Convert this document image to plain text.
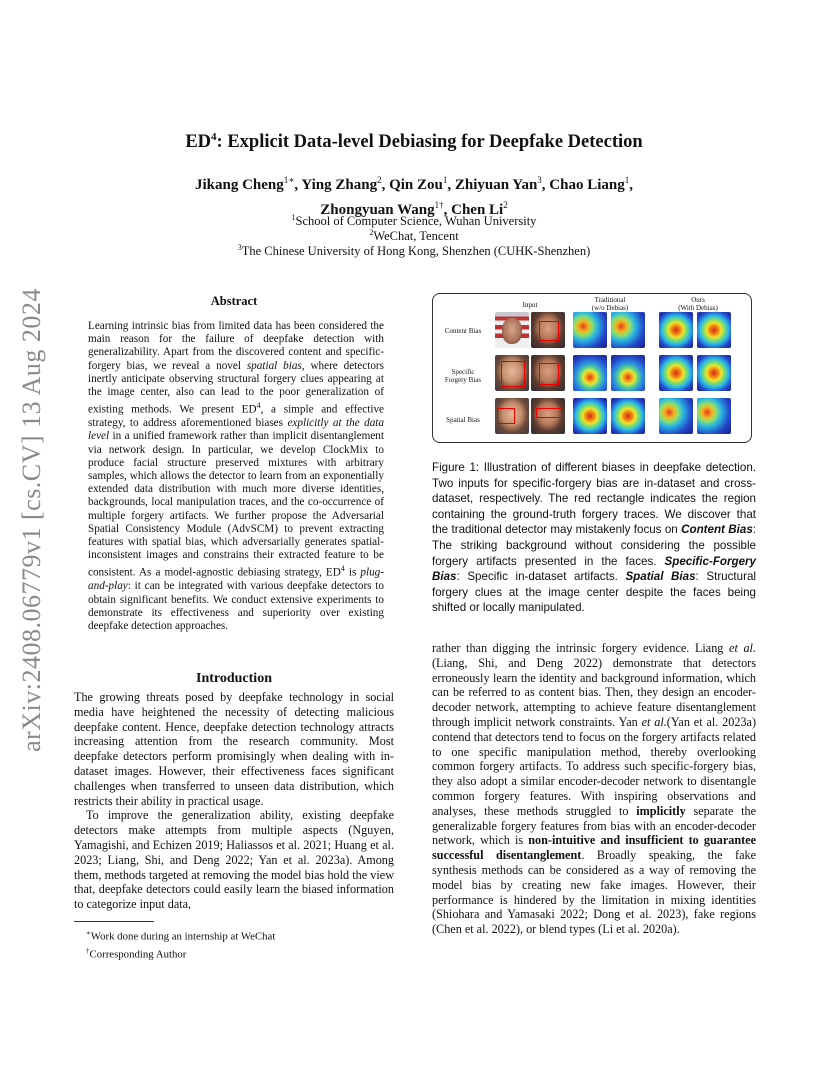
arXiv:2408.06779v1 [cs.CV] 13 Aug 2024
$ED^4$: Explicit Data-level Debiasing for Deepfake Detection
Jikang Cheng$^{1∗}$, Ying Zhang$^2$, Qin Zou$^1$, Zhiyuan Yan$^3$, Chao Liang$^1$,
Zhongyuan Wang$^{1\dagger}$, Chen Li$^2$
$^1$School of Computer Science, Wuhan University
$^2$WeChat, Tencent
$^3$The Chinese University of Hong Kong, Shenzhen (CUHK-Shenzhen)
Abstract
Learning intrinsic bias from limited data has been considered the main reason for the failure of deepfake detection with generalizability. Apart from the discovered content and specific-forgery bias, we reveal a novel spatial bias, where detectors inertly anticipate observing structural forgery clues appearing at the image center, also can lead to the poor generalization of existing methods. We present $ED^4$, a simple and effective strategy, to address aforementioned biases explicitly at the data level in a unified framework rather than implicit disentanglement via network design. In particular, we develop ClockMix to produce facial structure preserved mixtures with arbitrary samples, which allows the detector to learn from an exponentially extended data distribution with much more diverse identities, backgrounds, local manipulation traces, and the co-occurrence of multiple forgery artifacts. We further propose the Adversarial Spatial Consistency Module (AdvSCM) to prevent extracting features with spatial bias, which adversarially generates spatial-inconsistent images and constrains their extracted feature to be consistent. As a model-agnostic debiasing strategy, $ED^4$ is plug-and-play: it can be integrated with various deepfake detectors to obtain significant benefits. We conduct extensive experiments to demonstrate its effectiveness and superiority over existing deepfake detection approaches.
Introduction

The growing threats posed by deepfake technology in social media have heightened the necessity of detecting malicious deepfake content. Hence, deepfake detection technology attracts increasing attention from the research community. Most deepfake detectors perform promisingly when dealing with in-dataset images. However, their effectiveness faces significant challenges when transferred to unseen data distribution, which restricts their ability in practical usage.

To improve the generalization ability, existing deepfake detectors make attempts from multiple aspects (Nguyen, Yamagishi, and Echizen 2019; Haliassos et al. 2021; Huang et al. 2023; Liang, Shi, and Deng 2022; Yan et al. 2023a). Among them, methods targeted at removing the model bias hold the view that, deepfake detectors could easily learn the biased information to categorize input data,

∗Work done during an internship at WeChat
†Corresponding Author
Input
Traditional
(w/o Debias)
Ours
(With Debias)
Content Bias
Specific
Forgery Bias
Spatial Bias
Figure 1: Illustration of different biases in deepfake detection. Two inputs for specific-forgery bias are in-dataset and cross-dataset, respectively. The red rectangle indicates the region containing the ground-truth forgery traces. We discover that the traditional detector may mistakenly focus on Content Bias: The striking background without considering the possible forgery artifacts presented in the faces. Specific-Forgery Bias: Specific in-dataset artifacts. Spatial Bias: Structural forgery clues at the image center despite the faces being shifted or locally manipulated.
rather than digging the intrinsic forgery evidence. Liang et al.(Liang, Shi, and Deng 2022) demonstrate that detectors erroneously learn the identity and background information, which can be referred to as content bias. Then, they design an encoder-decoder network, attempting to achieve feature disentanglement through implicit network constraints. Yan et al.(Yan et al. 2023a) contend that detectors tend to focus on the forgery artifacts related to one specific manipulation method, thereby overlooking common forgery artifacts. To address such specific-forgery bias, they also adopt a similar encoder-decoder network to disentangle common forgery features. With inspiring observations and analyses, these methods struggled to implicitly separate the generalizable forgery features from bias with an encoder-decoder network, which is non-intuitive and insufficient to guarantee successful disentanglement. Broadly speaking, the fake synthesis methods can be considered as a way of removing the model bias by creating new fake images. However, their performance is hindered by the limitation in mixing identities (Shiohara and Yamasaki 2022; Dong et al. 2023), fake regions (Chen et al. 2022), or blend types (Li et al. 2020a).
